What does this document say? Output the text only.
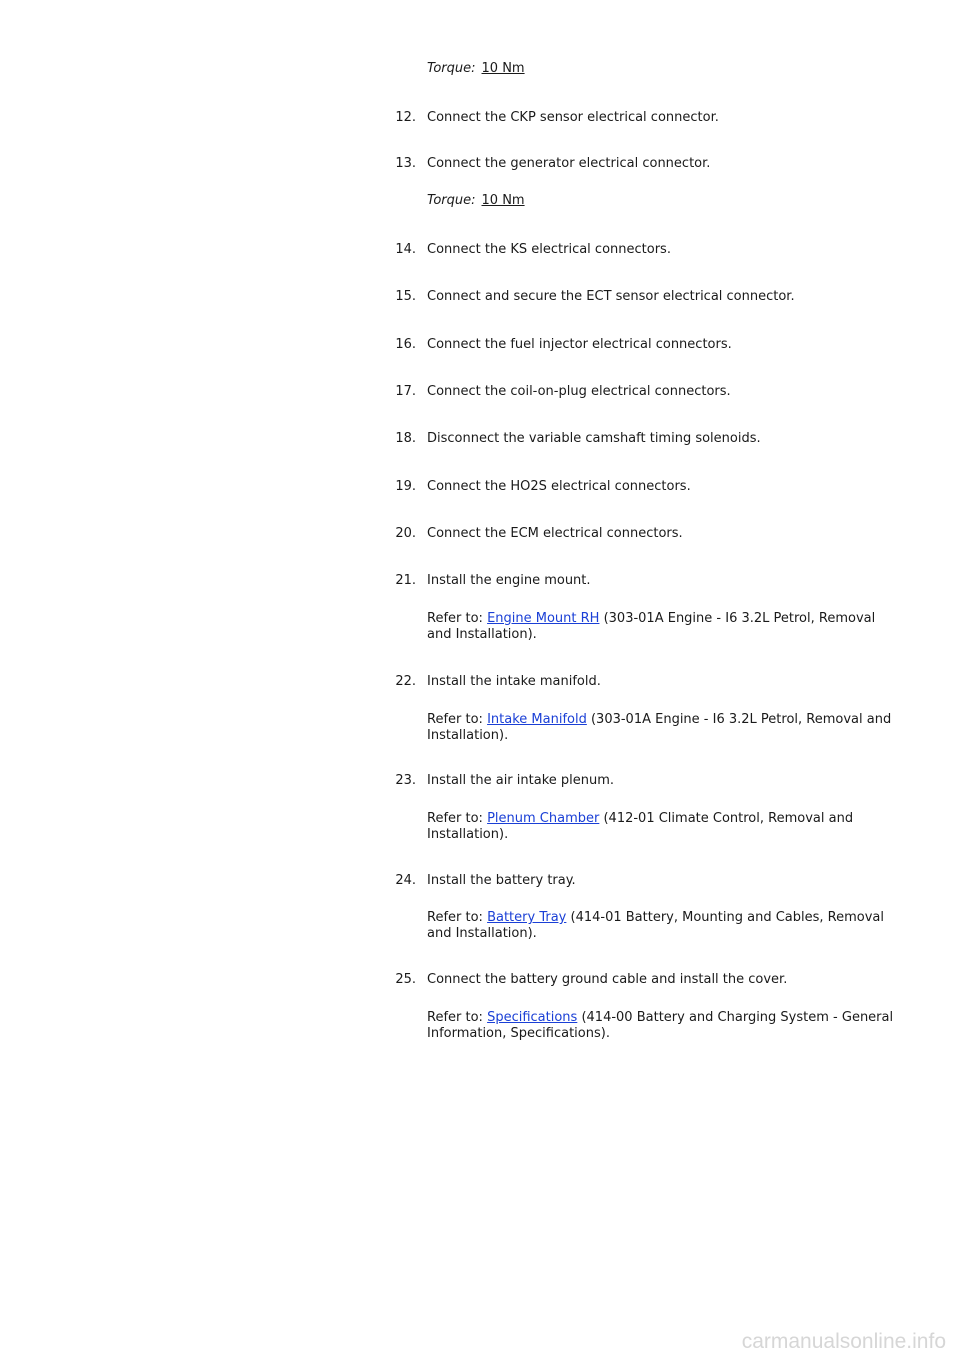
Torque: 10 Nm
12. Connect the CKP sensor electrical connector.
13. Connect the generator electrical connector.
Torque: 10 Nm
14. Connect the KS electrical connectors.
15. Connect and secure the ECT sensor electrical connector.
16. Connect the fuel injector electrical connectors.
17. Connect the coil-on-plug electrical connectors.
18. Disconnect the variable camshaft timing solenoids.
19. Connect the HO2S electrical connectors.
20. Connect the ECM electrical connectors.
21. Install the engine mount.
Refer to: Engine Mount RH (303-01A Engine - I6 3.2L Petrol, Removal and Installation).
22. Install the intake manifold.
Refer to: Intake Manifold (303-01A Engine - I6 3.2L Petrol, Removal and Installation).
23. Install the air intake plenum.
Refer to: Plenum Chamber (412-01 Climate Control, Removal and Installation).
24. Install the battery tray.
Refer to: Battery Tray (414-01 Battery, Mounting and Cables, Removal and Installation).
25. Connect the battery ground cable and install the cover.
Refer to: Specifications (414-00 Battery and Charging System - General Information, Specifications).
carmanualsonline.info
